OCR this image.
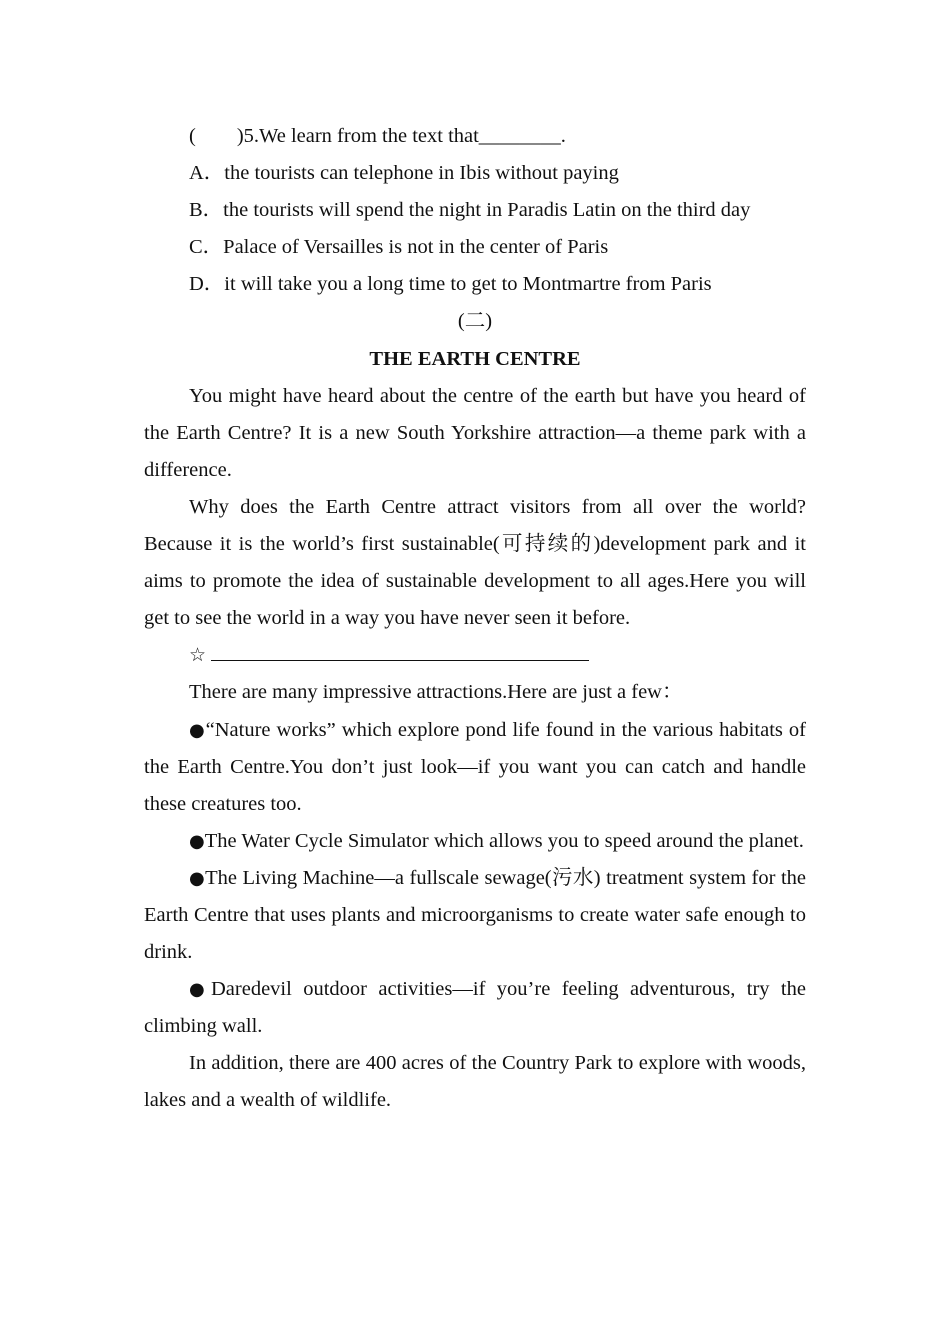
(　　)5.We learn from the text that________.
A．the tourists can telephone in Ibis without paying
B．the tourists will spend the night in Paradis Latin on the third day
C．Palace of Versailles is not in the center of Paris
D．it will take you a long time to get to Montmartre from Paris
(二)
THE EARTH CENTRE
You might have heard about the centre of the earth but have you heard of the Earth Centre? It is a new South Yorkshire attraction—a theme park with a difference.
Why does the Earth Centre attract visitors from all over the world? Because it is the world’s first sustainable(可持续的)development park and it aims to promote the idea of sustainable development to all ages.Here you will get to see the world in a way you have never seen it before.
☆
There are many impressive attractions.Here are just a few：
●“Nature works” which explore pond life found in the various habitats of the Earth Centre.You don’t just look—if you want you can catch and handle these creatures too.
●The Water Cycle Simulator which allows you to speed around the planet.
●The Living Machine—a fullscale sewage(污水) treatment system for the Earth Centre that uses plants and microorganisms to create water safe enough to drink.
●Daredevil outdoor activities—if you’re feeling adventurous, try the climbing wall.
In addition, there are 400 acres of the Country Park to explore with woods, lakes and a wealth of wildlife.
